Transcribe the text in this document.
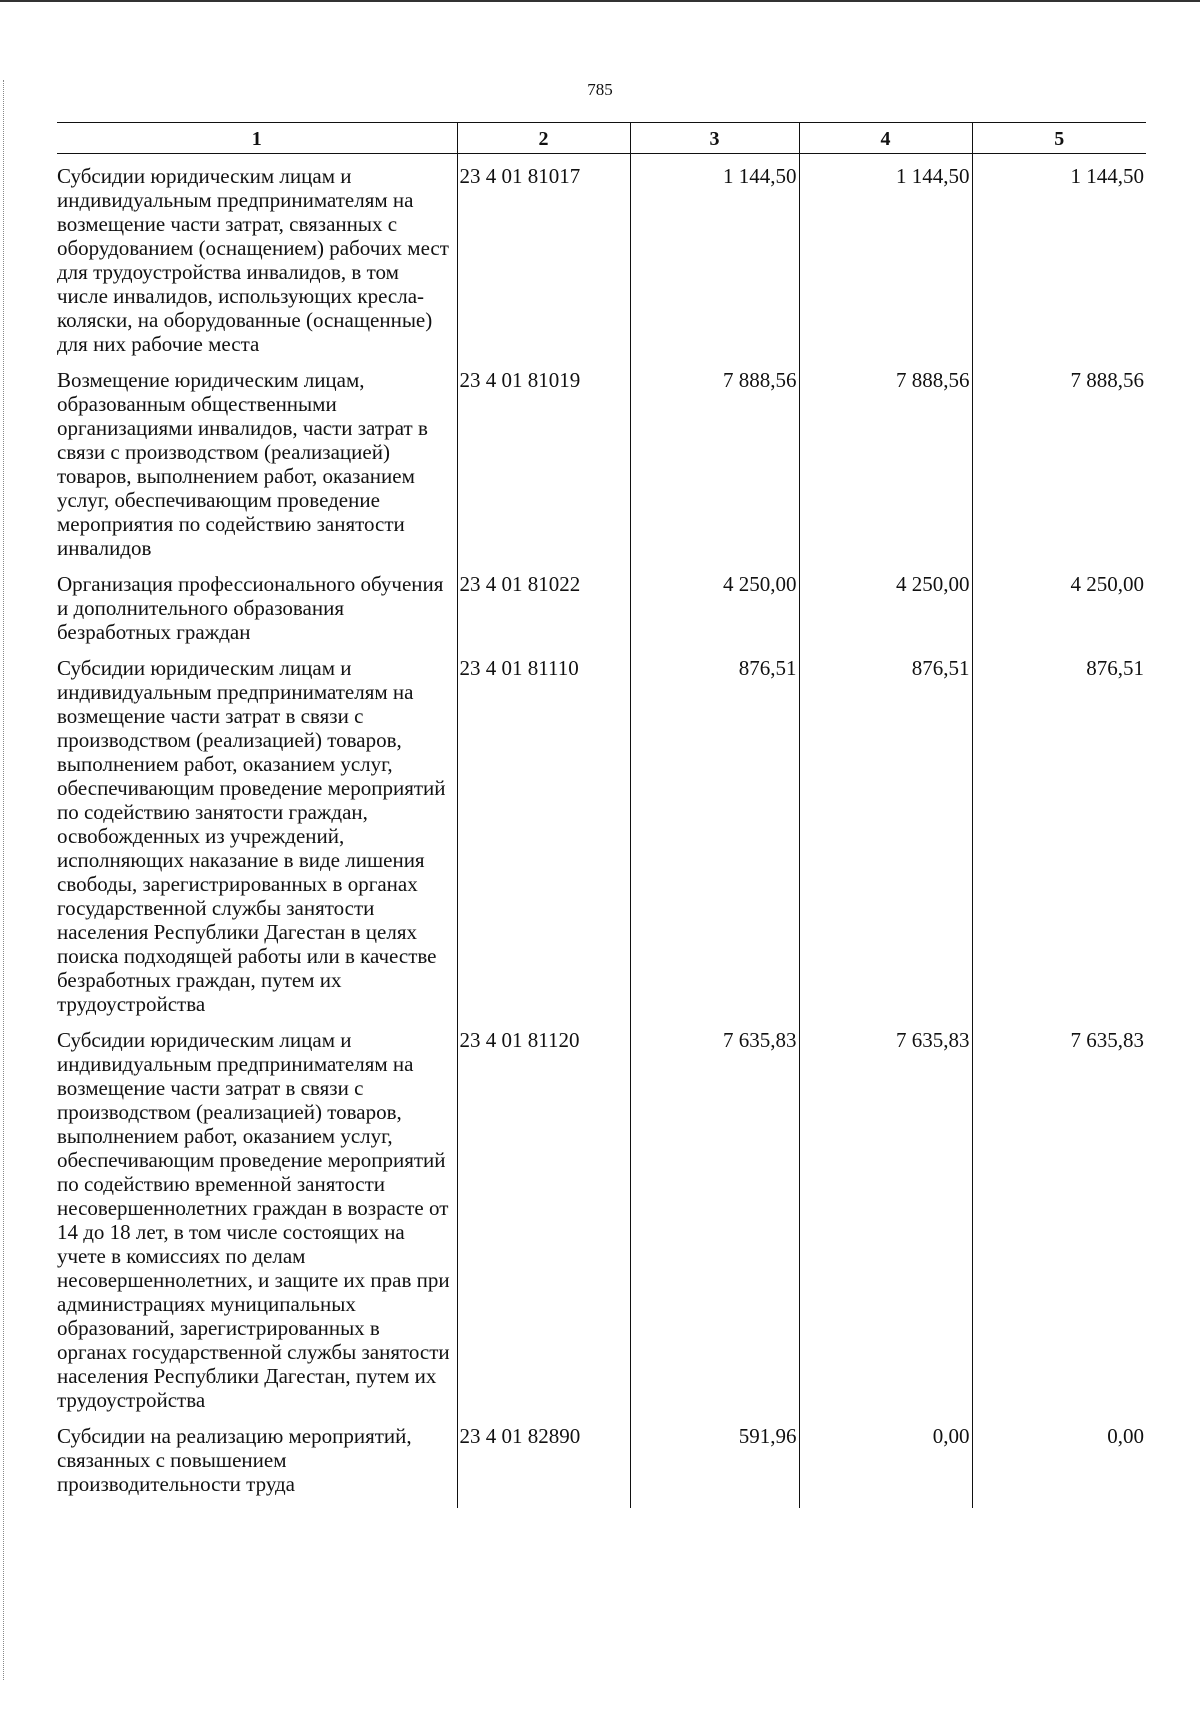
785
1	2	3	4	5
Субсидии юридическим лицам и индивидуальным предпринимателям на возмещение части затрат, связанных с оборудованием (оснащением) рабочих мест для трудоустройства инвалидов, в том числе инвалидов, использующих кресла-коляски, на оборудованные (оснащенные) для них рабочие места	23 4 01 81017	1 144,50	1 144,50	1 144,50
Возмещение юридическим лицам, образованным общественными организациями инвалидов, части затрат в связи с производством (реализацией) товаров, выполнением работ, оказанием услуг, обеспечивающим проведение мероприятия по содействию занятости инвалидов	23 4 01 81019	7 888,56	7 888,56	7 888,56
Организация профессионального обучения и дополнительного образования безработных граждан	23 4 01 81022	4 250,00	4 250,00	4 250,00
Субсидии юридическим лицам и индивидуальным предпринимателям на возмещение части затрат в связи с производством (реализацией) товаров, выполнением работ, оказанием услуг, обеспечивающим проведение мероприятий по содействию занятости граждан, освобожденных из учреждений, исполняющих наказание в виде лишения свободы, зарегистрированных в органах государственной службы занятости населения Республики Дагестан в целях поиска подходящей работы или в качестве безработных граждан, путем их трудоустройства	23 4 01 81110	876,51	876,51	876,51
Субсидии юридическим лицам и индивидуальным предпринимателям на возмещение части затрат в связи с производством (реализацией) товаров, выполнением работ, оказанием услуг, обеспечивающим проведение мероприятий по содействию временной занятости несовершеннолетних граждан в возрасте от 14 до 18 лет, в том числе состоящих на учете в комиссиях по делам несовершеннолетних, и защите их прав при администрациях муниципальных образований, зарегистрированных в органах государственной службы занятости населения Республики Дагестан, путем их трудоустройства	23 4 01 81120	7 635,83	7 635,83	7 635,83
Субсидии на реализацию мероприятий, связанных с повышением производительности труда	23 4 01 82890	591,96	0,00	0,00
